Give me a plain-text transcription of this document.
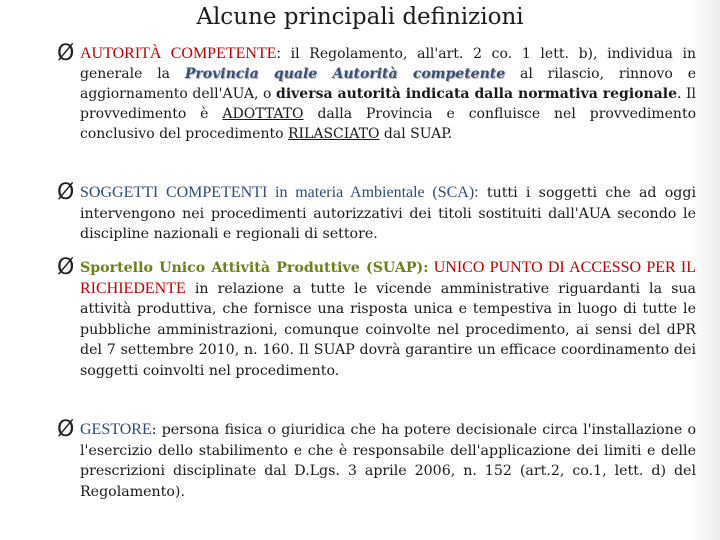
Alcune principali definizioni
Ø AUTORITÀ COMPETENTE: il Regolamento, all'art. 2 co. 1 lett. b), individua in generale la Provincia quale Autorità competente al rilascio, rinnovo e aggiornamento dell'AUA, o diversa autorità indicata dalla normativa regionale. Il provvedimento è ADOTTATO dalla Provincia e confluisce nel provvedimento conclusivo del procedimento RILASCIATO dal SUAP.
Ø SOGGETTI COMPETENTI in materia Ambientale (SCA): tutti i soggetti che ad oggi intervengono nei procedimenti autorizzativi dei titoli sostituiti dall'AUA secondo le discipline nazionali e regionali di settore.
Ø Sportello Unico Attività Produttive (SUAP): UNICO PUNTO DI ACCESSO PER IL RICHIEDENTE in relazione a tutte le vicende amministrative riguardanti la sua attività produttiva, che fornisce una risposta unica e tempestiva in luogo di tutte le pubbliche amministrazioni, comunque coinvolte nel procedimento, ai sensi del dPR del 7 settembre 2010, n. 160. Il SUAP dovrà garantire un efficace coordinamento dei soggetti coinvolti nel procedimento.
Ø GESTORE: persona fisica o giuridica che ha potere decisionale circa l'installazione o l'esercizio dello stabilimento e che è responsabile dell'applicazione dei limiti e delle prescrizioni disciplinate dal D.Lgs. 3 aprile 2006, n. 152 (art.2, co.1, lett. d) del Regolamento).
